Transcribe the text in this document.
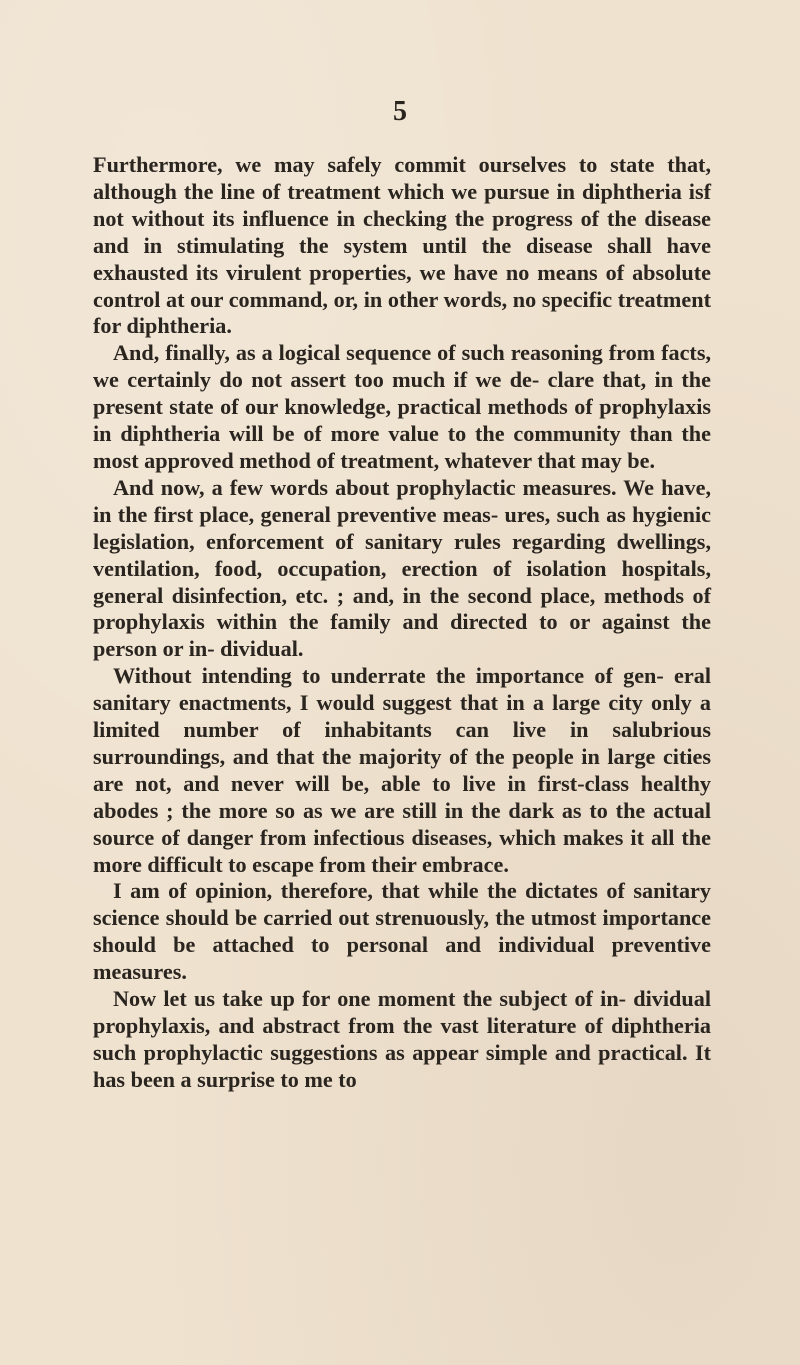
5

Furthermore, we may safely commit ourselves to state that, although the line of treatment which we pursue in diphtheria isf not without its influence in checking the progress of the disease and in stimulating the system until the disease shall have exhausted its virulent properties, we have no means of absolute control at our command, or, in other words, no specific treatment for diphtheria.

And, finally, as a logical sequence of such reasoning from facts, we certainly do not assert too much if we de- clare that, in the present state of our knowledge, practical methods of prophylaxis in diphtheria will be of more value to the community than the most approved method of treatment, whatever that may be.

And now, a few words about prophylactic measures. We have, in the first place, general preventive meas- ures, such as hygienic legislation, enforcement of sanitary rules regarding dwellings, ventilation, food, occupation, erection of isolation hospitals, general disinfection, etc. ; and, in the second place, methods of prophylaxis within the family and directed to or against the person or in- dividual.

Without intending to underrate the importance of gen- eral sanitary enactments, I would suggest that in a large city only a limited number of inhabitants can live in salubrious surroundings, and that the majority of the people in large cities are not, and never will be, able to live in first-class healthy abodes ; the more so as we are still in the dark as to the actual source of danger from infectious diseases, which makes it all the more difficult to escape from their embrace.

I am of opinion, therefore, that while the dictates of sanitary science should be carried out strenuously, the utmost importance should be attached to personal and individual preventive measures.

Now let us take up for one moment the subject of in- dividual prophylaxis, and abstract from the vast literature of diphtheria such prophylactic suggestions as appear simple and practical. It has been a surprise to me to
